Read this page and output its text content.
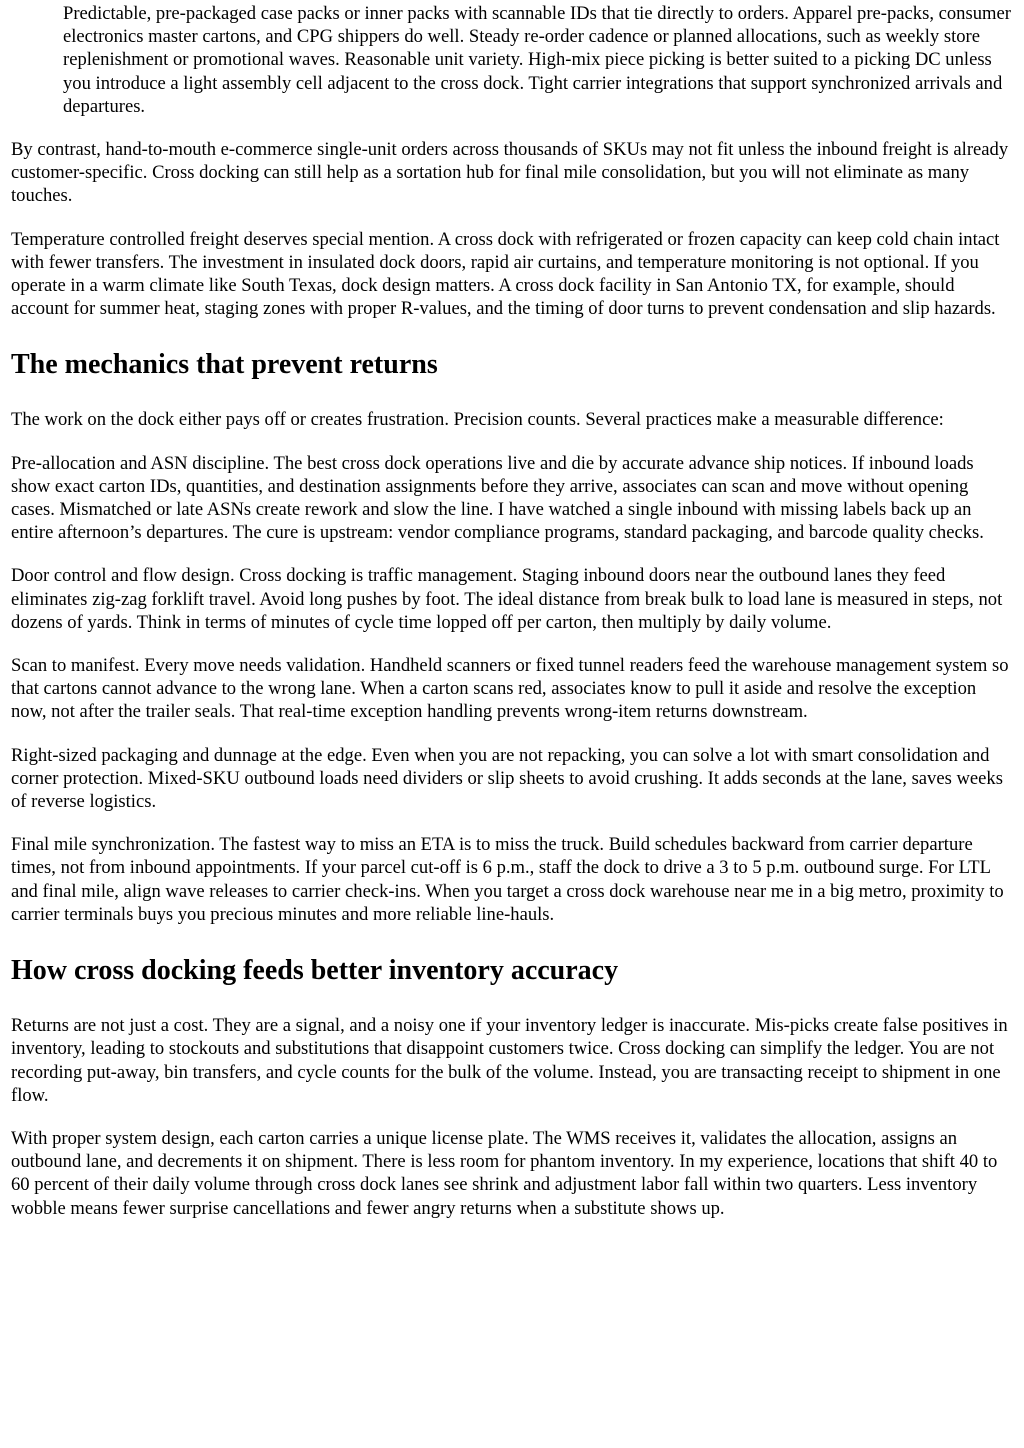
Predictable, pre-packaged case packs or inner packs with scannable IDs that tie directly to orders. Apparel pre-packs, consumer electronics master cartons, and CPG shippers do well. Steady re-order cadence or planned allocations, such as weekly store replenishment or promotional waves. Reasonable unit variety. High-mix piece picking is better suited to a picking DC unless you introduce a light assembly cell adjacent to the cross dock. Tight carrier integrations that support synchronized arrivals and departures.

By contrast, hand-to-mouth e-commerce single-unit orders across thousands of SKUs may not fit unless the inbound freight is already customer-specific. Cross docking can still help as a sortation hub for final mile consolidation, but you will not eliminate as many touches.

Temperature controlled freight deserves special mention. A cross dock with refrigerated or frozen capacity can keep cold chain intact with fewer transfers. The investment in insulated dock doors, rapid air curtains, and temperature monitoring is not optional. If you operate in a warm climate like South Texas, dock design matters. A cross dock facility in San Antonio TX, for example, should account for summer heat, staging zones with proper R-values, and the timing of door turns to prevent condensation and slip hazards.

The mechanics that prevent returns

The work on the dock either pays off or creates frustration. Precision counts. Several practices make a measurable difference:

Pre-allocation and ASN discipline. The best cross dock operations live and die by accurate advance ship notices. If inbound loads show exact carton IDs, quantities, and destination assignments before they arrive, associates can scan and move without opening cases. Mismatched or late ASNs create rework and slow the line. I have watched a single inbound with missing labels back up an entire afternoon’s departures. The cure is upstream: vendor compliance programs, standard packaging, and barcode quality checks.

Door control and flow design. Cross docking is traffic management. Staging inbound doors near the outbound lanes they feed eliminates zig-zag forklift travel. Avoid long pushes by foot. The ideal distance from break bulk to load lane is measured in steps, not dozens of yards. Think in terms of minutes of cycle time lopped off per carton, then multiply by daily volume.

Scan to manifest. Every move needs validation. Handheld scanners or fixed tunnel readers feed the warehouse management system so that cartons cannot advance to the wrong lane. When a carton scans red, associates know to pull it aside and resolve the exception now, not after the trailer seals. That real-time exception handling prevents wrong-item returns downstream.

Right-sized packaging and dunnage at the edge. Even when you are not repacking, you can solve a lot with smart consolidation and corner protection. Mixed-SKU outbound loads need dividers or slip sheets to avoid crushing. It adds seconds at the lane, saves weeks of reverse logistics.

Final mile synchronization. The fastest way to miss an ETA is to miss the truck. Build schedules backward from carrier departure times, not from inbound appointments. If your parcel cut-off is 6 p.m., staff the dock to drive a 3 to 5 p.m. outbound surge. For LTL and final mile, align wave releases to carrier check-ins. When you target a cross dock warehouse near me in a big metro, proximity to carrier terminals buys you precious minutes and more reliable line-hauls.

How cross docking feeds better inventory accuracy

Returns are not just a cost. They are a signal, and a noisy one if your inventory ledger is inaccurate. Mis-picks create false positives in inventory, leading to stockouts and substitutions that disappoint customers twice. Cross docking can simplify the ledger. You are not recording put-away, bin transfers, and cycle counts for the bulk of the volume. Instead, you are transacting receipt to shipment in one flow.

With proper system design, each carton carries a unique license plate. The WMS receives it, validates the allocation, assigns an outbound lane, and decrements it on shipment. There is less room for phantom inventory. In my experience, locations that shift 40 to 60 percent of their daily volume through cross dock lanes see shrink and adjustment labor fall within two quarters. Less inventory wobble means fewer surprise cancellations and fewer angry returns when a substitute shows up.
